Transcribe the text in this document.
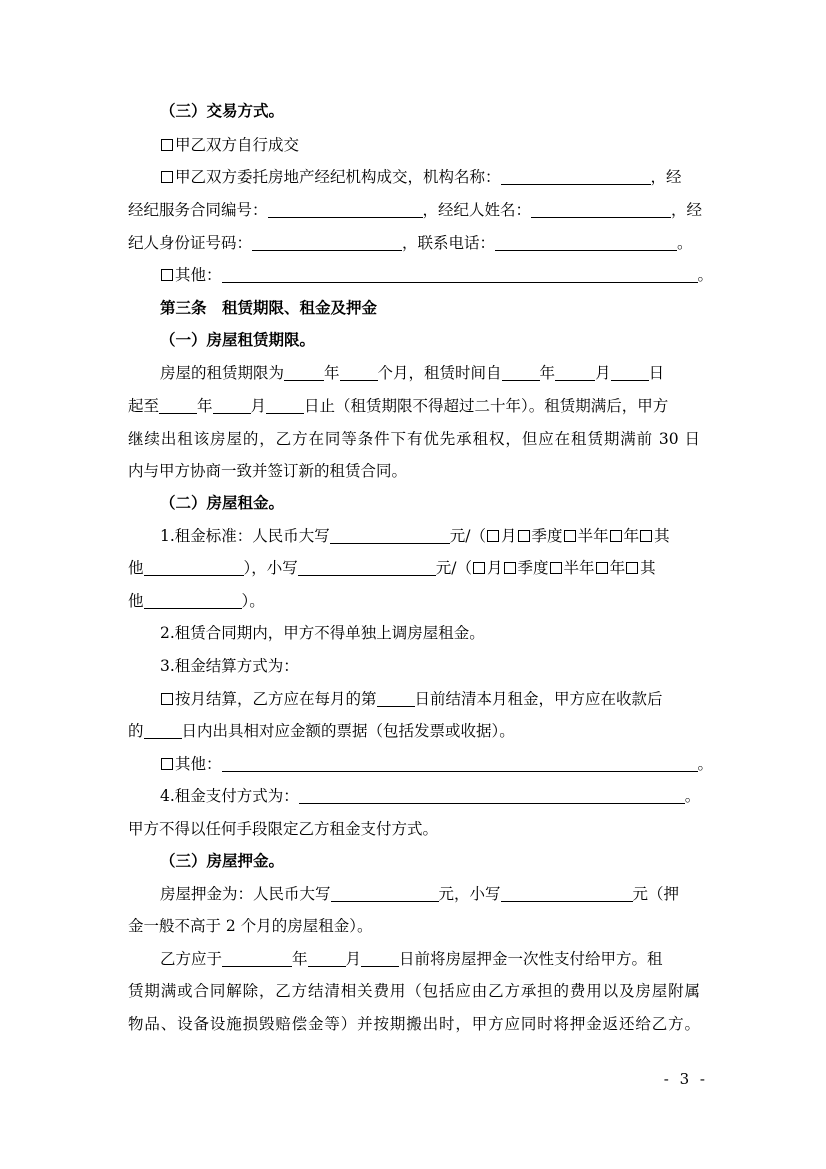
（三）交易方式。
甲乙双方自行成交
甲乙双方委托房地产经纪机构成交，机构名称：	，经
经纪服务合同编号：	，经纪人姓名：	，经
纪人身份证号码：	，联系电话：	。
其他：	。
第三条　租赁期限、租金及押金
（一）房屋租赁期限。
房屋的租赁期限为	年 个月，租赁时间自 年	月 日
起至 年 月 日止（租赁期限不得超过二十年）。租赁期满后，甲方
继续出租该房屋的，乙方在同等条件下有优先承租权，但应在租赁期满前 30 日
内与甲方协商一致并签订新的租赁合同。
（二）房屋租金。
1.租金标准：人民币大写	元/（ 月 季度 半年 年 其
他	），小写	元/（ 月 季度 半年 年 其
他	）。
2.租赁合同期内，甲方不得单独上调房屋租金。
3.租金结算方式为：
按月结算，乙方应在每月的第 日前结清本月租金，甲方应在收款后
的 日内出具相对应金额的票据（包括发票或收据）。
其他：	。
4.租金支付方式为：	。
甲方不得以任何手段限定乙方租金支付方式。
（三）房屋押金。
房屋押金为：人民币大写	元，小写	元（押
金一般不高于 2 个月的房屋租金）。
乙方应于	年 月 日前将房屋押金一次性支付给甲方。租
赁期满或合同解除，乙方结清相关费用（包括应由乙方承担的费用以及房屋附属
物品、设备设施损毁赔偿金等）并按期搬出时，甲方应同时将押金返还给乙方。
- 3 -
